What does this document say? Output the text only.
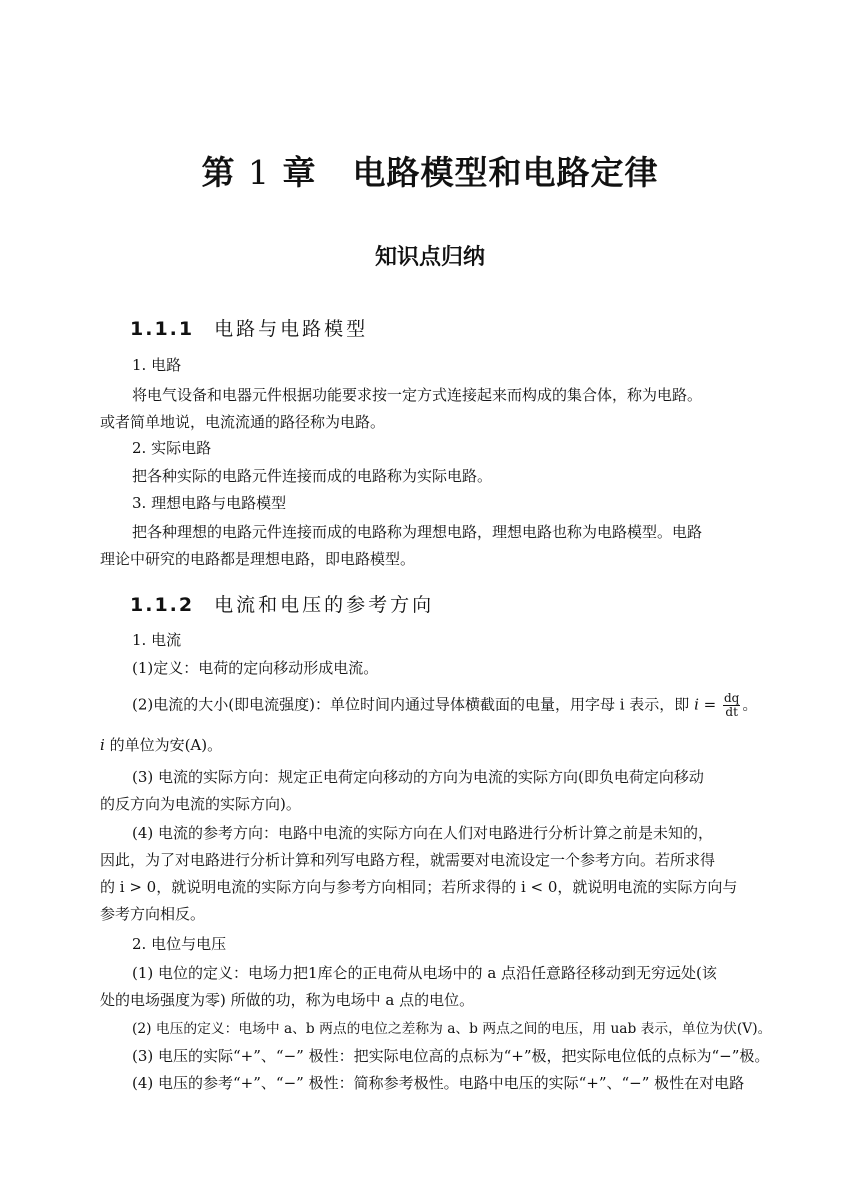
第 1 章 电路模型和电路定律
知识点归纳
1.1.1 电路与电路模型
1. 电路
将电气设备和电器元件根据功能要求按一定方式连接起来而构成的集合体，称为电路。
或者简单地说，电流流通的路径称为电路。
2. 实际电路
把各种实际的电路元件连接而成的电路称为实际电路。
3. 理想电路与电路模型
把各种理想的电路元件连接而成的电路称为理想电路，理想电路也称为电路模型。电路
理论中研究的电路都是理想电路，即电路模型。
1.1.2 电流和电压的参考方向
1. 电流
(1)定义：电荷的定向移动形成电流。
(2)电流的大小(即电流强度)：单位时间内通过导体横截面的电量，用字母 i 表示，即 $i = \frac{dq}{dt}$ 。
i 的单位为安(A)。
(3) 电流的实际方向：规定正电荷定向移动的方向为电流的实际方向(即负电荷定向移动
的反方向为电流的实际方向)。
(4) 电流的参考方向：电路中电流的实际方向在人们对电路进行分析计算之前是未知的，
因此，为了对电路进行分析计算和列写电路方程，就需要对电流设定一个参考方向。若所求得
的 i > 0，就说明电流的实际方向与参考方向相同；若所求得的 i < 0，就说明电流的实际方向与
参考方向相反。
2. 电位与电压
(1) 电位的定义：电场力把1库仑的正电荷从电场中的 a 点沿任意路径移动到无穷远处(该
处的电场强度为零) 所做的功，称为电场中 a 点的电位。
(2) 电压的定义：电场中 a、b 两点的电位之差称为 a、b 两点之间的电压，用 uab 表示，单位为伏(V)。
(3) 电压的实际“+”、“−” 极性：把实际电位高的点标为“+”极，把实际电位低的点标为“−”极。
(4) 电压的参考“+”、“−” 极性：简称参考极性。电路中电压的实际“+”、“−” 极性在对电路
